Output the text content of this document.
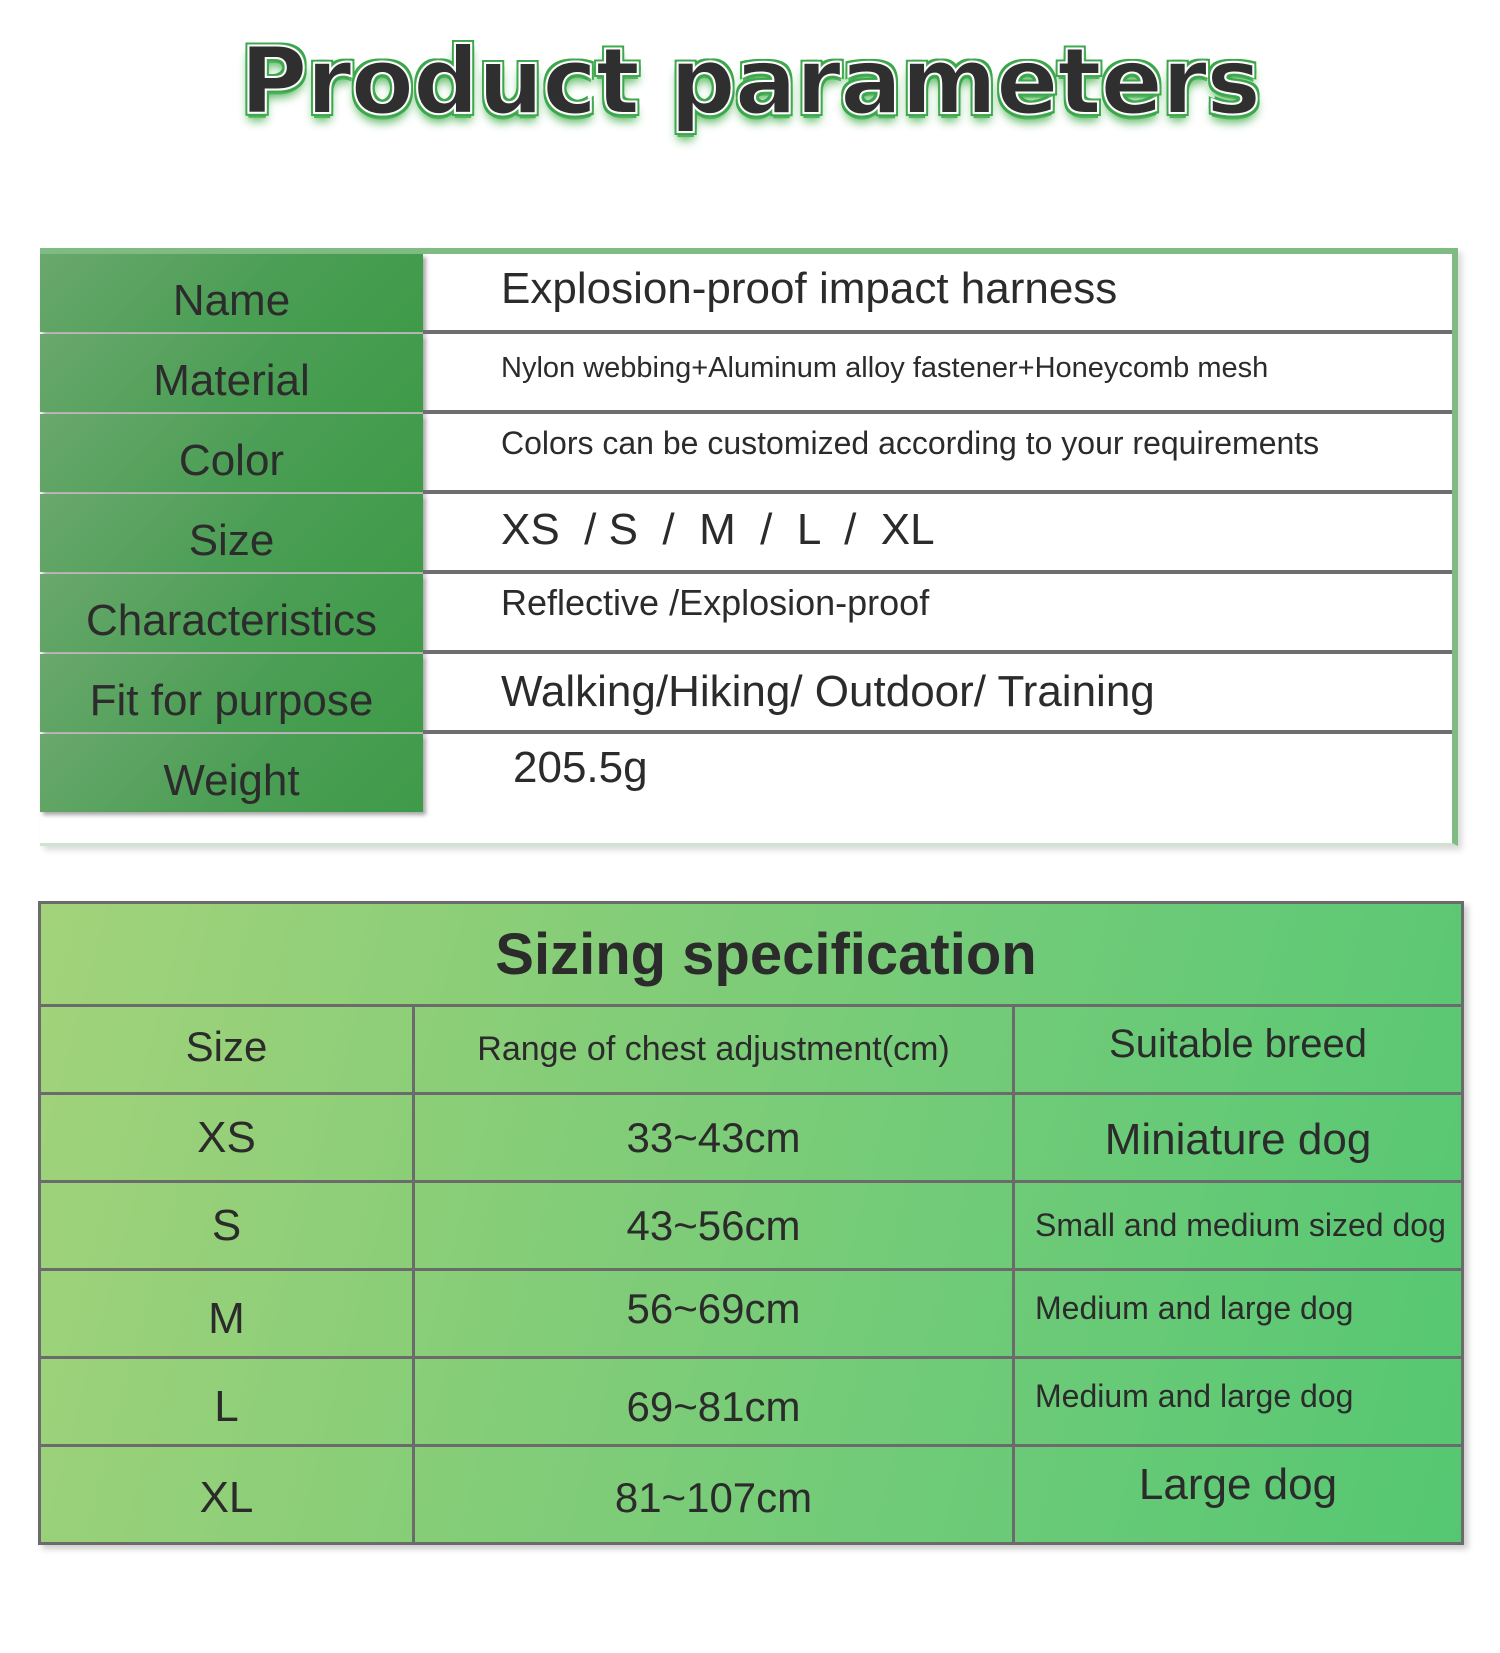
Product parameters
Name	Explosion-proof impact harness
Material	Nylon webbing+Aluminum alloy fastener+Honeycomb mesh
Color	Colors can be customized according to your requirements
Size	XS  / S  /  M  /  L  /  XL
Characteristics	Reflective /Explosion-proof
Fit for purpose	Walking/Hiking/ Outdoor/ Training
Weight	205.5g
Sizing specification
Size	Range of chest adjustment(cm)	Suitable breed
XS	33~43cm	Miniature dog
S	43~56cm	Small and medium sized dog
M	56~69cm	Medium and large dog
L	69~81cm	Medium and large dog
XL	81~107cm	Large dog
